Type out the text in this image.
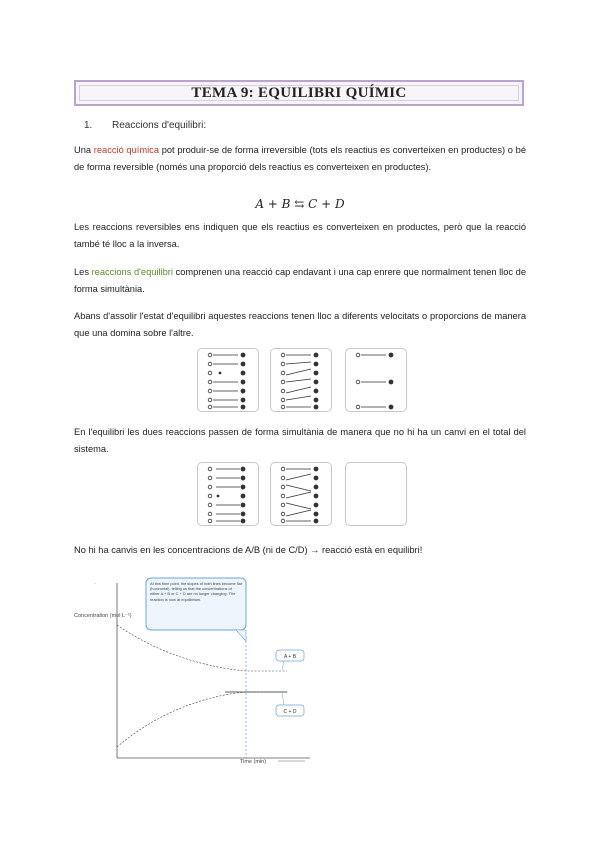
TEMA 9: EQUILIBRI QUÍMIC
1. Reaccions d'equilibri:

Una reacció química pot produir-se de forma irreversible (tots els reactius es converteixen en productes) o bé de forma reversible (només una proporció dels reactius es converteixen en productes).

A + B ⇆ C + D

Les reaccions reversibles ens indiquen que els reactius es converteixen en productes, però que la reacció també té lloc a la inversa.

Les reaccions d'equilibri comprenen una reacció cap endavant i una cap enrere que normalment tenen lloc de forma simultània.

Abans d'assolir l'estat d'equilibri aquestes reaccions tenen lloc a diferents velocitats o proporcions de manera que una domina sobre l'altre.

En l'equilibri les dues reaccions passen de forma simultània de manera que no hi ha un canvi en el total del sistema.

No hi ha canvis en les concentracions de A/B (ni de C/D) → reacció està en equilibri!

·
Concentration (mol L⁻¹)
At this time point, the slopes of both lines become flat (horizontal), telling us that the concentrations of either A + B or C + D are no longer changing. The reaction is now at equilibrium.
A + B
C + D
Time (min)
